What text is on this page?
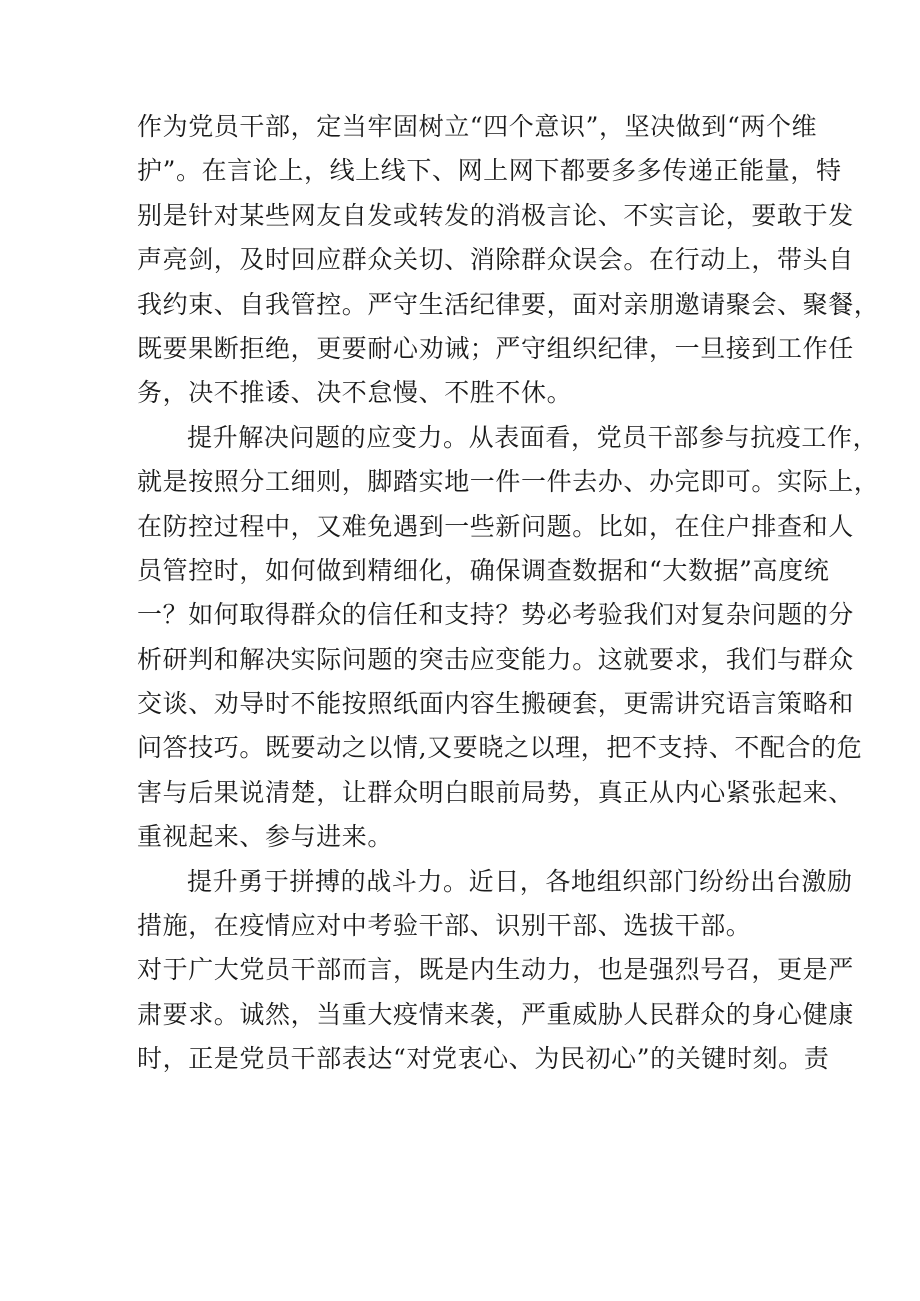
作为党员干部，定当牢固树立“四个意识”，坚决做到“两个维
护”。在言论上，线上线下、网上网下都要多多传递正能量，特
别是针对某些网友自发或转发的消极言论、不实言论，要敢于发
声亮剑，及时回应群众关切、消除群众误会。在行动上，带头自
我约束、自我管控。严守生活纪律要，面对亲朋邀请聚会、聚餐，
既要果断拒绝，更要耐心劝诫；严守组织纪律，一旦接到工作任
务，决不推诿、决不怠慢、不胜不休。
提升解决问题的应变力。从表面看，党员干部参与抗疫工作，
就是按照分工细则，脚踏实地一件一件去办、办完即可。实际上，
在防控过程中，又难免遇到一些新问题。比如，在住户排查和人
员管控时，如何做到精细化，确保调查数据和“大数据”高度统
一？如何取得群众的信任和支持？势必考验我们对复杂问题的分
析研判和解决实际问题的突击应变能力。这就要求，我们与群众
交谈、劝导时不能按照纸面内容生搬硬套，更需讲究语言策略和
问答技巧。既要动之以情,又要晓之以理，把不支持、不配合的危
害与后果说清楚，让群众明白眼前局势，真正从内心紧张起来、
重视起来、参与进来。
提升勇于拼搏的战斗力。近日，各地组织部门纷纷出台激励
措施，在疫情应对中考验干部、识别干部、选拔干部。
对于广大党员干部而言，既是内生动力，也是强烈号召，更是严
肃要求。诚然，当重大疫情来袭，严重威胁人民群众的身心健康
时，正是党员干部表达“对党衷心、为民初心”的关键时刻。责
